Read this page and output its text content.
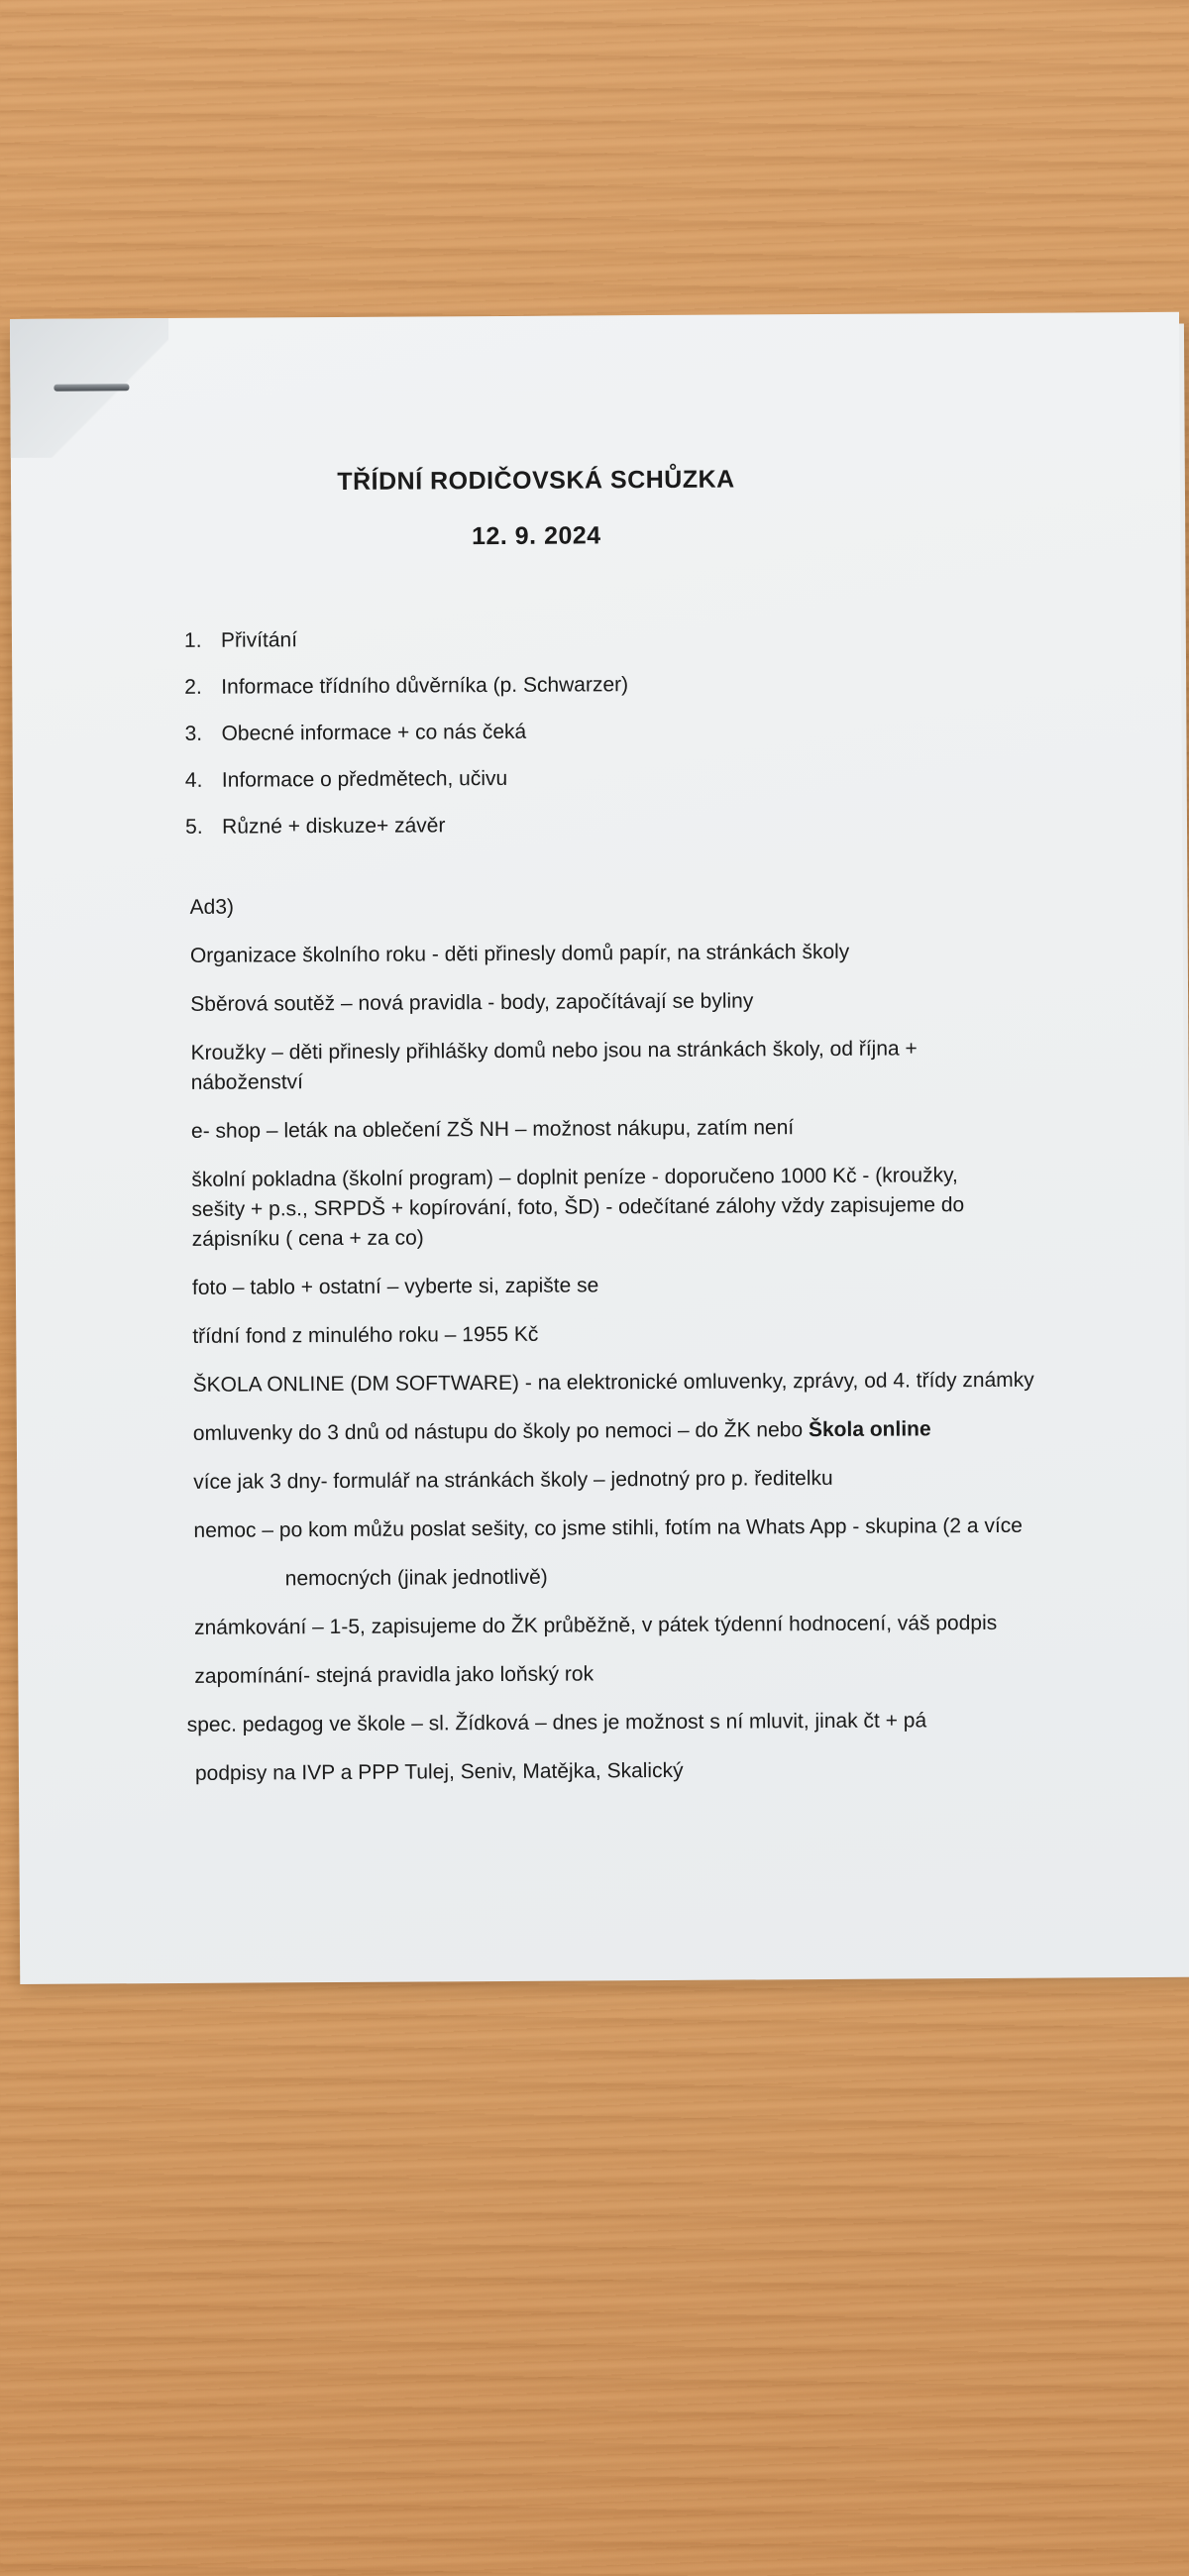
TŘÍDNÍ RODIČOVSKÁ SCHŮZKA
12. 9. 2024
1. Přivítání
2. Informace třídního důvěrníka (p. Schwarzer)
3. Obecné informace + co nás čeká
4. Informace o předmětech, učivu
5. Různé + diskuze+ závěr

Ad3)

Organizace školního roku - děti přinesly domů papír, na stránkách školy

Sběrová soutěž – nová pravidla - body, započítávají se byliny

Kroužky – děti přinesly přihlášky domů nebo jsou na stránkách školy, od října +

náboženství

e- shop – leták na oblečení ZŠ NH – možnost nákupu, zatím není

školní pokladna (školní program) – doplnit peníze - doporučeno 1000 Kč - (kroužky,

sešity + p.s., SRPDŠ + kopírování, foto, ŠD) - odečítané zálohy vždy zapisujeme do

zápisníku ( cena + za co)

foto – tablo + ostatní – vyberte si, zapište se

třídní fond z minulého roku – 1955 Kč

ŠKOLA ONLINE (DM SOFTWARE) - na elektronické omluvenky, zprávy, od 4. třídy známky

omluvenky do 3 dnů od nástupu do školy po nemoci – do ŽK nebo Škola online

více jak 3 dny- formulář na stránkách školy – jednotný pro p. ředitelku

nemoc – po kom můžu poslat sešity, co jsme stihli, fotím na Whats App - skupina (2 a více

nemocných (jinak jednotlivě)

známkování – 1-5, zapisujeme do ŽK průběžně, v pátek týdenní hodnocení, váš podpis

zapomínání- stejná pravidla jako loňský rok

spec. pedagog ve škole – sl. Žídková – dnes je možnost s ní mluvit, jinak čt + pá

podpisy na IVP a PPP Tulej, Seniv, Matějka, Skalický
